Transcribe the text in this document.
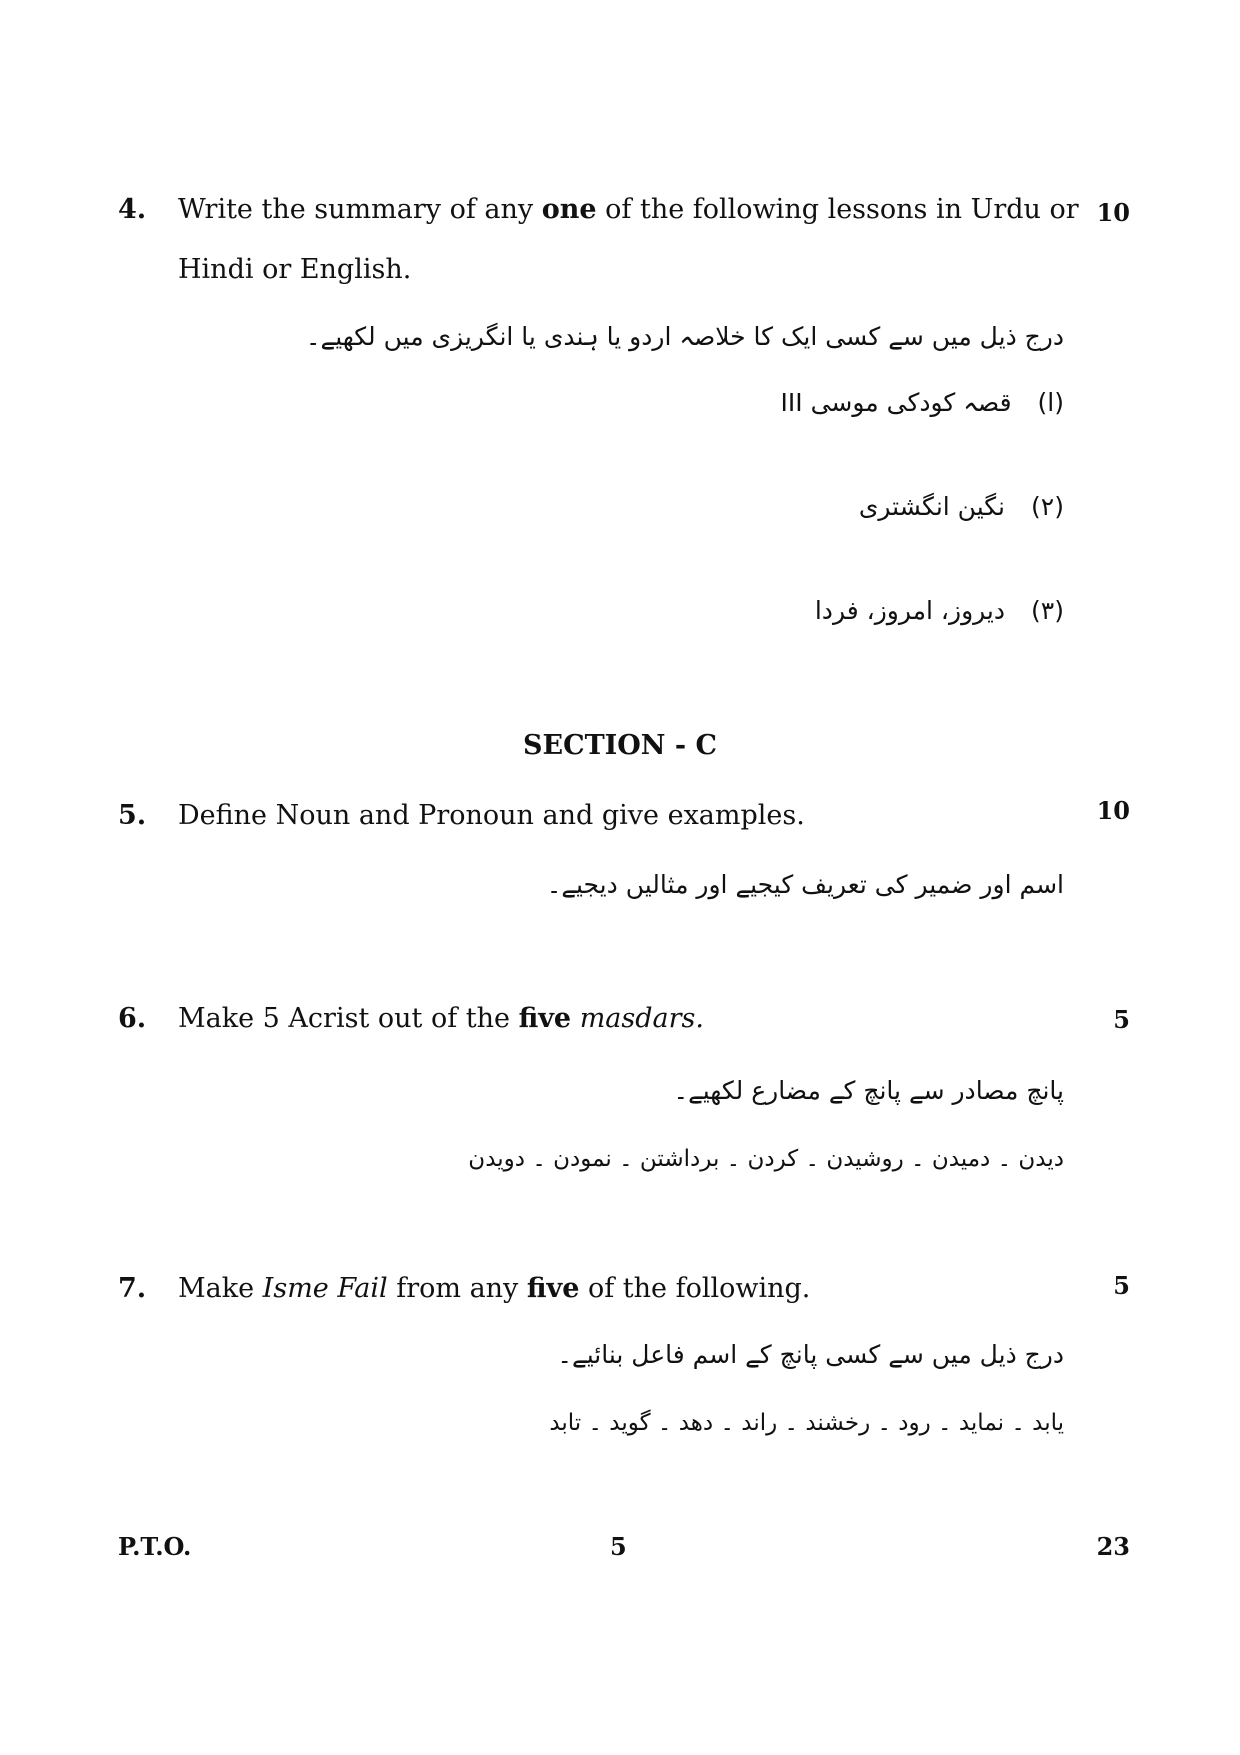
4. Write the summary of any one of the following lessons in Urdu or 10
Hindi or English.
درج ذیل میں سے کسی ایک کا خلاصہ اردو یا ہندی یا انگریزی میں لکھیے۔
(ا)قصہ کودکی موسی III
(۲)نگین انگشتری
(۳)دیروز، امروز، فردا
SECTION - C
5. Define Noun and Pronoun and give examples.	10
اسم اور ضمیر کی تعریف کیجیے اور مثالیں دیجیے۔
6. Make 5 Acrist out of the five masdars.	5
پانچ مصادر سے پانچ کے مضارع لکھیے۔
دیدن ۔ دمیدن ۔ روشیدن ۔ کردن ۔ برداشتن ۔ نمودن ۔ دویدن
7. Make Isme Fail from any five of the following.	5
درج ذیل میں سے کسی پانچ کے اسم فاعل بنائیے۔
یابد ۔ نماید ۔ رود ۔ رخشند ۔ راند ۔ دھد ۔ گوید ۔ تابد
P.T.O.	5	23
